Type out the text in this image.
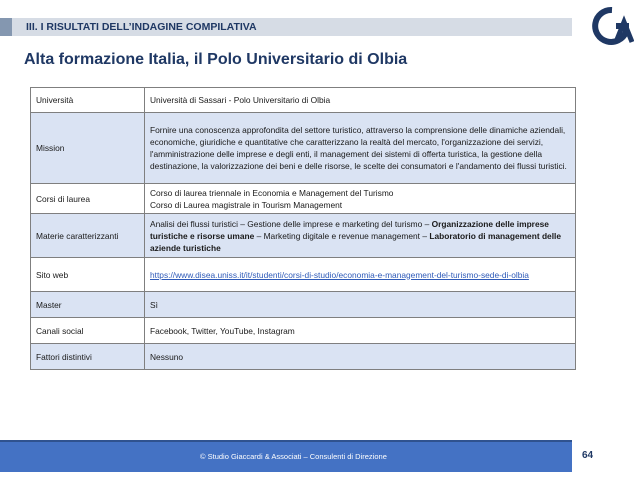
III. I RISULTATI DELL’INDAGINE COMPILATIVA
Alta formazione Italia, il Polo Universitario di Olbia
Università	Università di Sassari - Polo Universitario di Olbia
Mission	Fornire una conoscenza approfondita del settore turistico, attraverso la comprensione delle dinamiche aziendali, economiche, giuridiche e quantitative che caratterizzano la realtà del mercato, l'organizzazione dei servizi, l'amministrazione delle imprese e degli enti, il management dei sistemi di offerta turistica, la gestione della destinazione, la valorizzazione dei beni e delle risorse, le scelte dei consumatori e l'andamento dei flussi turistici.
Corsi di laurea	Corso di laurea triennale in Economia e Management del Turismo
Corso di Laurea magistrale in Tourism Management

Materie caratterizzanti	Analisi dei flussi turistici – Gestione delle imprese e marketing del turismo – Organizzazione delle imprese turistiche e risorse umane – Marketing digitale e revenue management – Laboratorio di management delle aziende turistiche
Sito web	https://www.disea.uniss.it/it/studenti/corsi-di-studio/economia-e-management-del-turismo-sede-di-olbia
Master	Sì
Canali social	Facebook, Twitter, YouTube, Instagram
Fattori distintivi	Nessuno
© Studio Giaccardi & Associati – Consulenti di Direzione	64
